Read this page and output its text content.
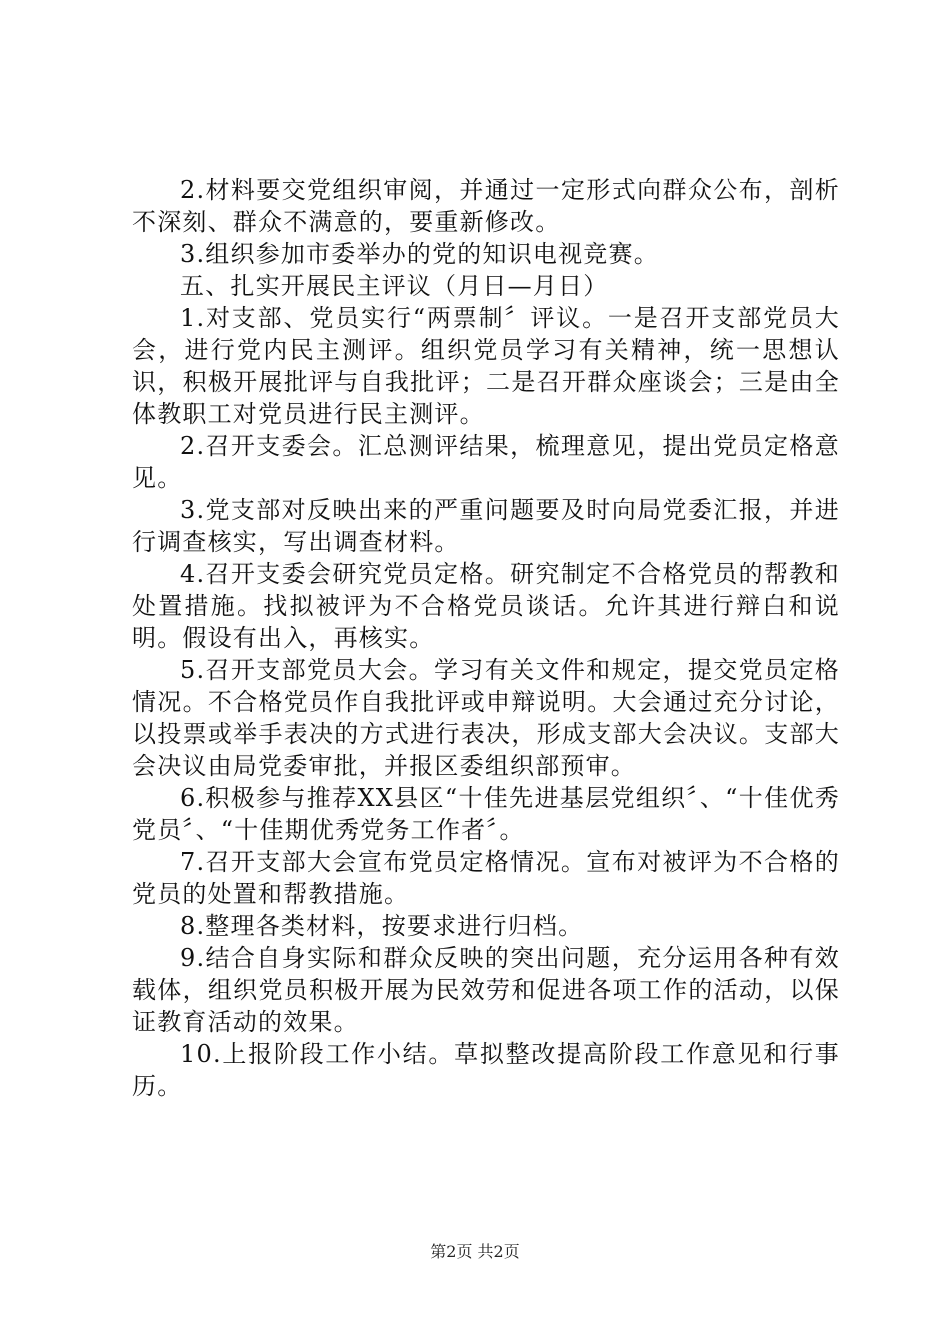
2.材料要交党组织审阅，并通过一定形式向群众公布，剖析不深刻、群众不满意的，要重新修改。

3.组织参加市委举办的党的知识电视竞赛。

五、扎实开展民主评议（月日—月日）

1.对支部、党员实行“两票制〞评议。一是召开支部党员大会，进行党内民主测评。组织党员学习有关精神，统一思想认识，积极开展批评与自我批评；二是召开群众座谈会；三是由全体教职工对党员进行民主测评。

2.召开支委会。汇总测评结果，梳理意见，提出党员定格意见。

3.党支部对反映出来的严重问题要及时向局党委汇报，并进行调查核实，写出调查材料。

4.召开支委会研究党员定格。研究制定不合格党员的帮教和处置措施。找拟被评为不合格党员谈话。允许其进行辩白和说明。假设有出入，再核实。

5.召开支部党员大会。学习有关文件和规定，提交党员定格情况。不合格党员作自我批评或申辩说明。大会通过充分讨论，以投票或举手表决的方式进行表决，形成支部大会决议。支部大会决议由局党委审批，并报区委组织部预审。

6.积极参与推荐XX县区“十佳先进基层党组织〞、“十佳优秀党员〞、“十佳期优秀党务工作者〞。

7.召开支部大会宣布党员定格情况。宣布对被评为不合格的党员的处置和帮教措施。

8.整理各类材料，按要求进行归档。

9.结合自身实际和群众反映的突出问题，充分运用各种有效载体，组织党员积极开展为民效劳和促进各项工作的活动，以保证教育活动的效果。

10.上报阶段工作小结。草拟整改提高阶段工作意见和行事历。

第2页 共2页
